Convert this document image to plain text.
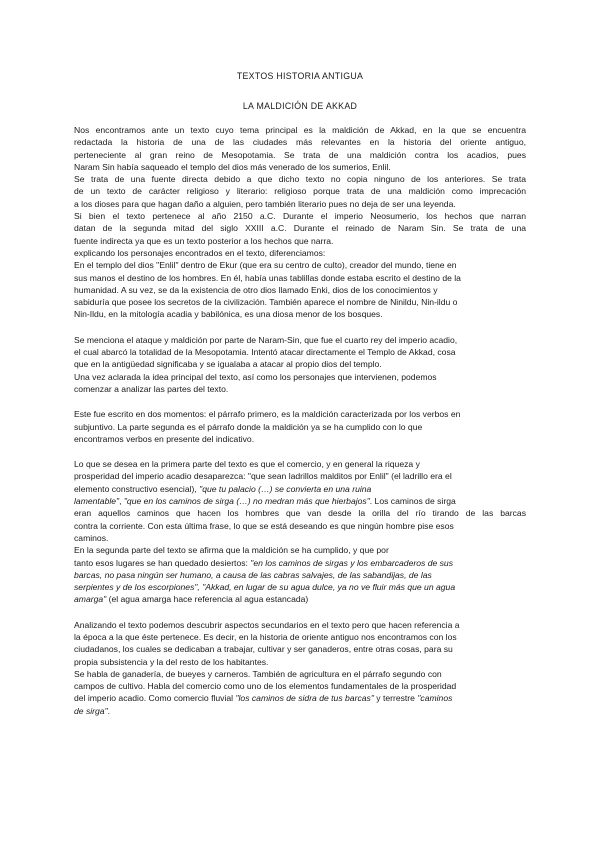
TEXTOS HISTORIA ANTIGUA
LA MALDICIÓN DE AKKAD
Nos encontramos ante un texto cuyo tema principal es la maldición de Akkad, en la que se encuentra
redactada la historia de una de las ciudades más relevantes en la historia del oriente antiguo,
perteneciente al gran reino de Mesopotamia. Se trata de una maldición contra los acadios, pues
Naram Sin había saqueado el templo del dios más venerado de los sumerios, Enlil.
Se trata de una fuente directa debido a que dicho texto no copia ninguno de los anteriores. Se trata
de un texto de carácter religioso y literario: religioso porque trata de una maldición como imprecación
a los dioses para que hagan daño a alguien, pero también literario pues no deja de ser una leyenda.
Si bien el texto pertenece al año 2150 a.C. Durante el imperio Neosumerio, los hechos que narran
datan de la segunda mitad del siglo XXIII a.C. Durante el reinado de Naram Sin. Se trata de una
fuente indirecta ya que es un texto posterior a los hechos que narra.
explicando los personajes encontrados en el texto, diferenciamos:
En el templo del dios "Enlil" dentro de Ekur (que era su centro de culto), creador del mundo, tiene en
sus manos el destino de los hombres. En él, había unas tablillas donde estaba escrito el destino de la
humanidad. A su vez, se da la existencia de otro dios llamado Enki, dios de los conocimientos y
sabiduría que posee los secretos de la civilización. También aparece el nombre de Ninildu, Nin-ildu o
Nin-Ildu, en la mitología acadia y babilónica, es una diosa menor de los bosques.
Se menciona el ataque y maldición por parte de Naram-Sin, que fue el cuarto rey del imperio acadio,
el cual abarcó la totalidad de la Mesopotamia. Intentó atacar directamente el Templo de Akkad, cosa
que en la antigüedad significaba y se igualaba a atacar al propio dios del templo.
Una vez aclarada la idea principal del texto, así como los personajes que intervienen, podemos
comenzar a analizar las partes del texto.
Este fue escrito en dos momentos: el párrafo primero, es la maldición caracterizada por los verbos en
subjuntivo. La parte segunda es el párrafo donde la maldición ya se ha cumplido con lo que
encontramos verbos en presente del indicativo.
Lo que se desea en la primera parte del texto es que el comercio, y en general la riqueza y
prosperidad del imperio acadio desaparezca: "que sean ladrillos malditos por Enlil" (el ladrillo era el
elemento constructivo esencial), "que tu palacio (…) se convierta en una ruina
lamentable", "que en los caminos de sirga (…) no medran más que hierbajos". Los caminos de sirga
eran aquellos caminos que hacen los hombres que van desde la orilla del río tirando de las barcas
contra la corriente. Con esta última frase, lo que se está deseando es que ningún hombre pise esos
caminos.
En la segunda parte del texto se afirma que la maldición se ha cumplido, y que por
tanto esos lugares se han quedado desiertos: "en los caminos de sirgas y los embarcaderos de sus
barcas, no pasa ningún ser humano, a causa de las cabras salvajes, de las sabandijas, de las
serpientes y de los escorpiones", "Akkad, en lugar de su agua dulce, ya no ve fluir más que un agua
amarga" (el agua amarga hace referencia al agua estancada)
Analizando el texto podemos descubrir aspectos secundarios en el texto pero que hacen referencia a
la época a la que éste pertenece. Es decir, en la historia de oriente antiguo nos encontramos con los
ciudadanos, los cuales se dedicaban a trabajar, cultivar y ser ganaderos, entre otras cosas, para su
propia subsistencia y la del resto de los habitantes.
Se habla de ganadería, de bueyes y carneros. También de agricultura en el párrafo segundo con
campos de cultivo. Habla del comercio como uno de los elementos fundamentales de la prosperidad
del imperio acadio. Como comercio fluvial "los caminos de sidra de tus barcas" y terrestre "caminos
de sirga".
